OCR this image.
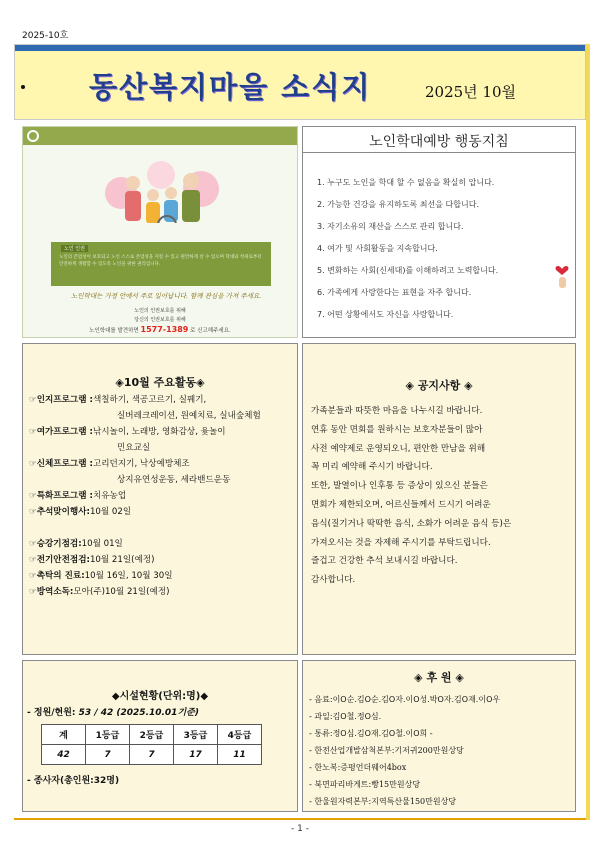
2025-10호
동산복지마을 소식지	2025년 10월
노인 인권
노인의 존엄성이 보호되고 노인 스스로 존엄성을 지킬 수 있고 편안하게 살 수 있으며 학대와 착취로부터 안전하게 생활할 수 있도록 노인을 위한 권리입니다.
노인학대는 가정 안에서 주로 일어납니다. 함께 관심을 가져 주세요.
노인의 인권보호를 위해
당신의 인권보호를 위해
노인학대를 발견하면 1577-1389 로 신고해주세요.
노인학대예방 행동지침
1. 누구도 노인을 학대 할 수 없음을 확실히 압니다.
2. 가능한 건강을 유지하도록 최선을 다합니다.
3. 자기소유의 재산을 스스로 관리 합니다.
4. 여가 및 사회활동을 지속합니다.
5. 변화하는 사회(신세대)를 이해하려고 노력합니다.
6. 가족에게 사랑한다는 표현을 자주 합니다.
7. 어떤 상황에서도 자신을 사랑합니다.
◈10월 주요활동◈
☞인지프로그램 : 색칠하기, 색공고르기, 실꿰기,
실버레크레이션, 원예치료, 실내숲체험
☞여가프로그램 : 낚시놀이, 노래방, 영화감상, 윷놀이
민요교실
☞신체프로그램 : 고리던지기, 낙상예방체조
상지유연성운동, 세라밴드운동
☞특화프로그램 : 치유농업
☞추석맞이행사: 10월 02일
☞승강기점검: 10월 01일
☞전기안전점검: 10월 21일(예정)
☞촉탁의 진료: 10월 16일, 10월 30일
☞방역소독: 모아(주)10월 21일(예정)
◈ 공지사항 ◈
가족분들과 따뜻한 마음을 나누시길 바랍니다.
연휴 동안 면회를 원하시는 보호자분들이 많아
사전 예약제로 운영되오니, 편안한 만남을 위해
꼭 미리 예약해 주시기 바랍니다.
또한, 발열이나 인후통 등 증상이 있으신 분들은
면회가 제한되오며, 어르신들께서 드시기 어려운
음식(질기거나 딱딱한 음식, 소화가 어려운 음식 등)은
가져오시는 것을 자제해 주시기를 부탁드립니다.
즐겁고 건강한 추석 보내시길 바랍니다.
감사합니다.
◆시설현황(단위:명)◆
- 정원/현원: 53 / 42 (2025.10.01기준)
계	1등급	2등급	3등급	4등급
42	7	7	17	11
- 종사자(총인원:32명)
◈ 후 원 ◈
- 음료:이O순.김O순.김O자.이O성.박O자.김O재.이O우
- 과일:김O철.정O심.
- 통류:정O심.김O재.김O철.이O희 -
- 한전산업개발삼척본부:기저귀200만원상당
- 한노복:증평언더웨어4box
- 북면파리바게트:빵15만원상당
- 한울원자력본부:지역특산물150만원상당
- 1 -
